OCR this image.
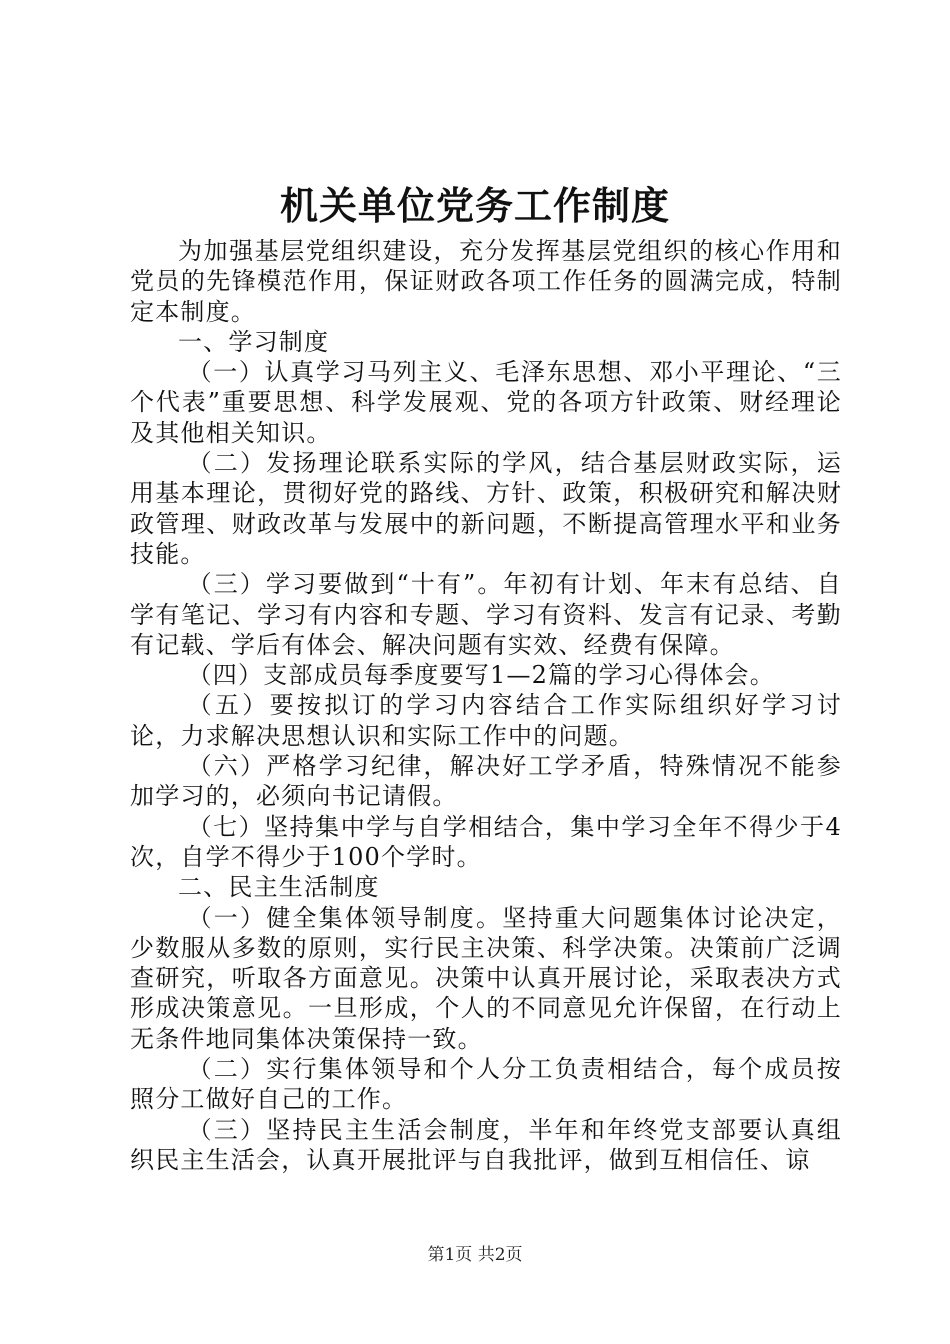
机关单位党务工作制度

为加强基层党组织建设，充分发挥基层党组织的核心作用和党员的先锋模范作用，保证财政各项工作任务的圆满完成，特制定本制度。

一、学习制度

（一）认真学习马列主义、毛泽东思想、邓小平理论、“三个代表”重要思想、科学发展观、党的各项方针政策、财经理论及其他相关知识。

（二）发扬理论联系实际的学风，结合基层财政实际，运用基本理论，贯彻好党的路线、方针、政策，积极研究和解决财政管理、财政改革与发展中的新问题，不断提高管理水平和业务技能。

（三）学习要做到“十有”。年初有计划、年末有总结、自学有笔记、学习有内容和专题、学习有资料、发言有记录、考勤有记载、学后有体会、解决问题有实效、经费有保障。

（四）支部成员每季度要写1—2篇的学习心得体会。

（五）要按拟订的学习内容结合工作实际组织好学习讨论，力求解决思想认识和实际工作中的问题。

（六）严格学习纪律，解决好工学矛盾，特殊情况不能参加学习的，必须向书记请假。

（七）坚持集中学与自学相结合，集中学习全年不得少于4次，自学不得少于100个学时。

二、民主生活制度

（一）健全集体领导制度。坚持重大问题集体讨论决定，少数服从多数的原则，实行民主决策、科学决策。决策前广泛调查研究，听取各方面意见。决策中认真开展讨论，采取表决方式形成决策意见。一旦形成，个人的不同意见允许保留，在行动上无条件地同集体决策保持一致。

（二）实行集体领导和个人分工负责相结合，每个成员按照分工做好自己的工作。

（三）坚持民主生活会制度，半年和年终党支部要认真组织民主生活会，认真开展批评与自我批评，做到互相信任、谅

第1页 共2页
